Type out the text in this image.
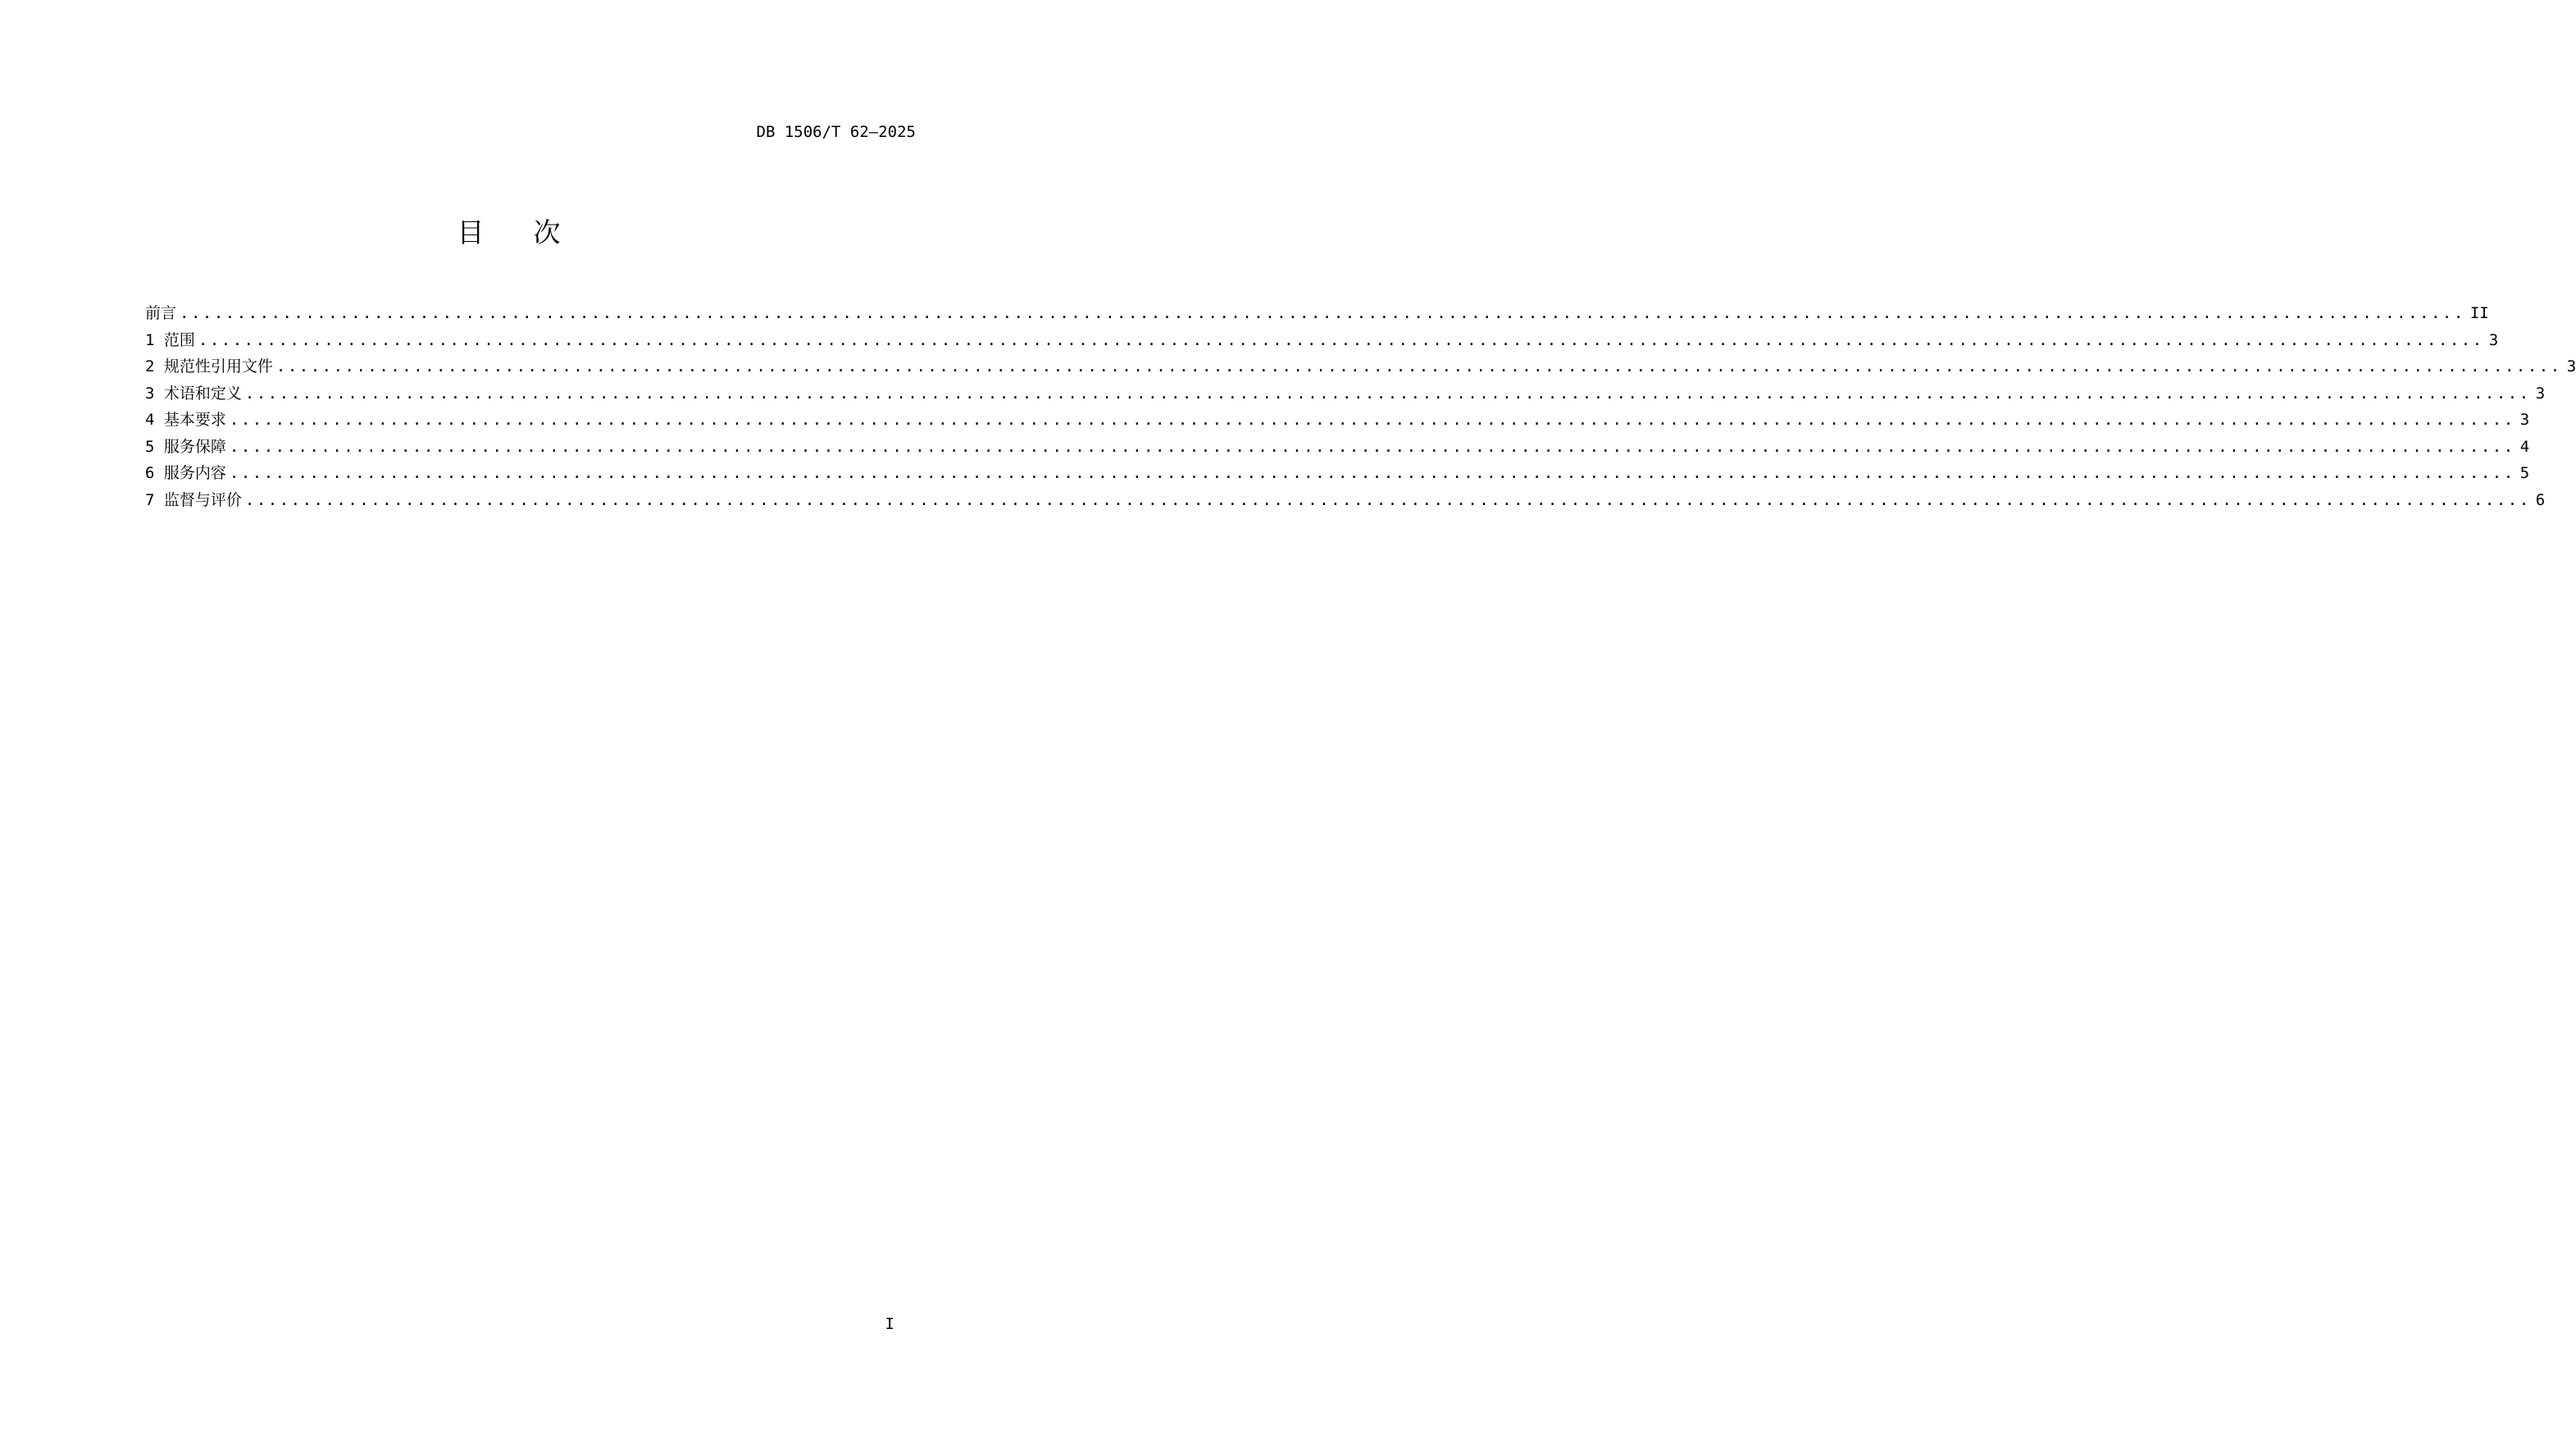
DB 1506/T 62—2025
目次
前言 ........................................................................................................................................................................................................ II
1 范围 ........................................................................................................................................................................................................ 3
2 规范性引用文件 ........................................................................................................................................................................................................ 3
3 术语和定义 ........................................................................................................................................................................................................ 3
4 基本要求 ........................................................................................................................................................................................................ 3
5 服务保障 ........................................................................................................................................................................................................ 4
6 服务内容 ........................................................................................................................................................................................................ 5
7 监督与评价 ........................................................................................................................................................................................................ 6
I
